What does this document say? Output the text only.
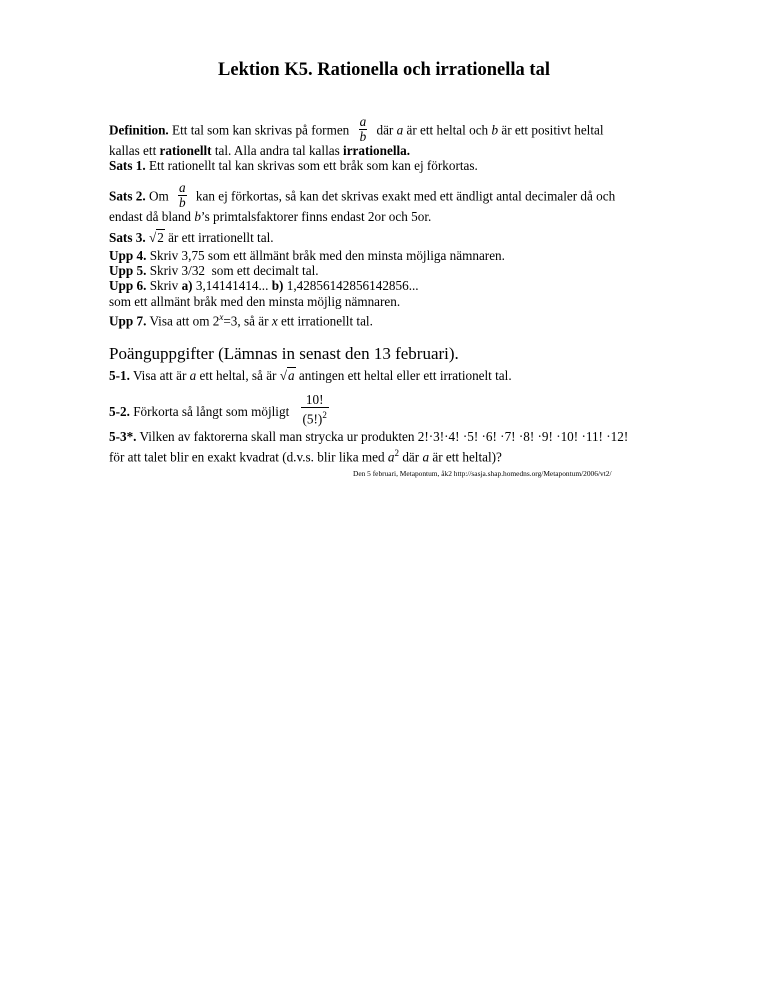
Lektion K5. Rationella och irrationella tal
Definition. Ett tal som kan skrivas på formen $\frac{a}{b}$ där a är ett heltal och b är ett positivt heltal
kallas ett rationellt tal. Alla andra tal kallas irrationella.
Sats 1. Ett rationellt tal kan skrivas som ett bråk som kan ej förkortas.
Sats 2. Om $\frac{a}{b}$ kan ej förkortas, så kan det skrivas exakt med ett ändligt antal decimaler då och
endast då bland b’s primtalsfaktorer finns endast 2or och 5or.
Sats 3. √2 är ett irrationellt tal.
Upp 4. Skriv 3,75 som ett ällmänt bråk med den minsta möjliga nämnaren.
Upp 5. Skriv 3/32  som ett decimalt tal.
Upp 6. Skriv a) 3,14141414... b) 1,42856142856142856...
som ett allmänt bråk med den minsta möjlig nämnaren.
Upp 7. Visa att om $2^x=3$, så är x ett irrationellt tal.
Poänguppgifter (Lämnas in senast den 13 februari).
5-1. Visa att är a ett heltal, så är √a antingen ett heltal eller ett irrationelt tal.
5-2. Förkorta så långt som möjligt $\frac{10!}{(5!)^2}$
5-3*. Vilken av faktorerna skall man strycka ur produkten 2!·3!·4! ·5! ·6! ·7! ·8! ·9! ·10! ·11! ·12!
för att talet blir en exakt kvadrat (d.v.s. blir lika med $a^2$ där a är ett heltal)?
Den 5 februari, Metapontum, åk2 http://sasja.shap.homedns.org/Metapontum/2006/vt2/
